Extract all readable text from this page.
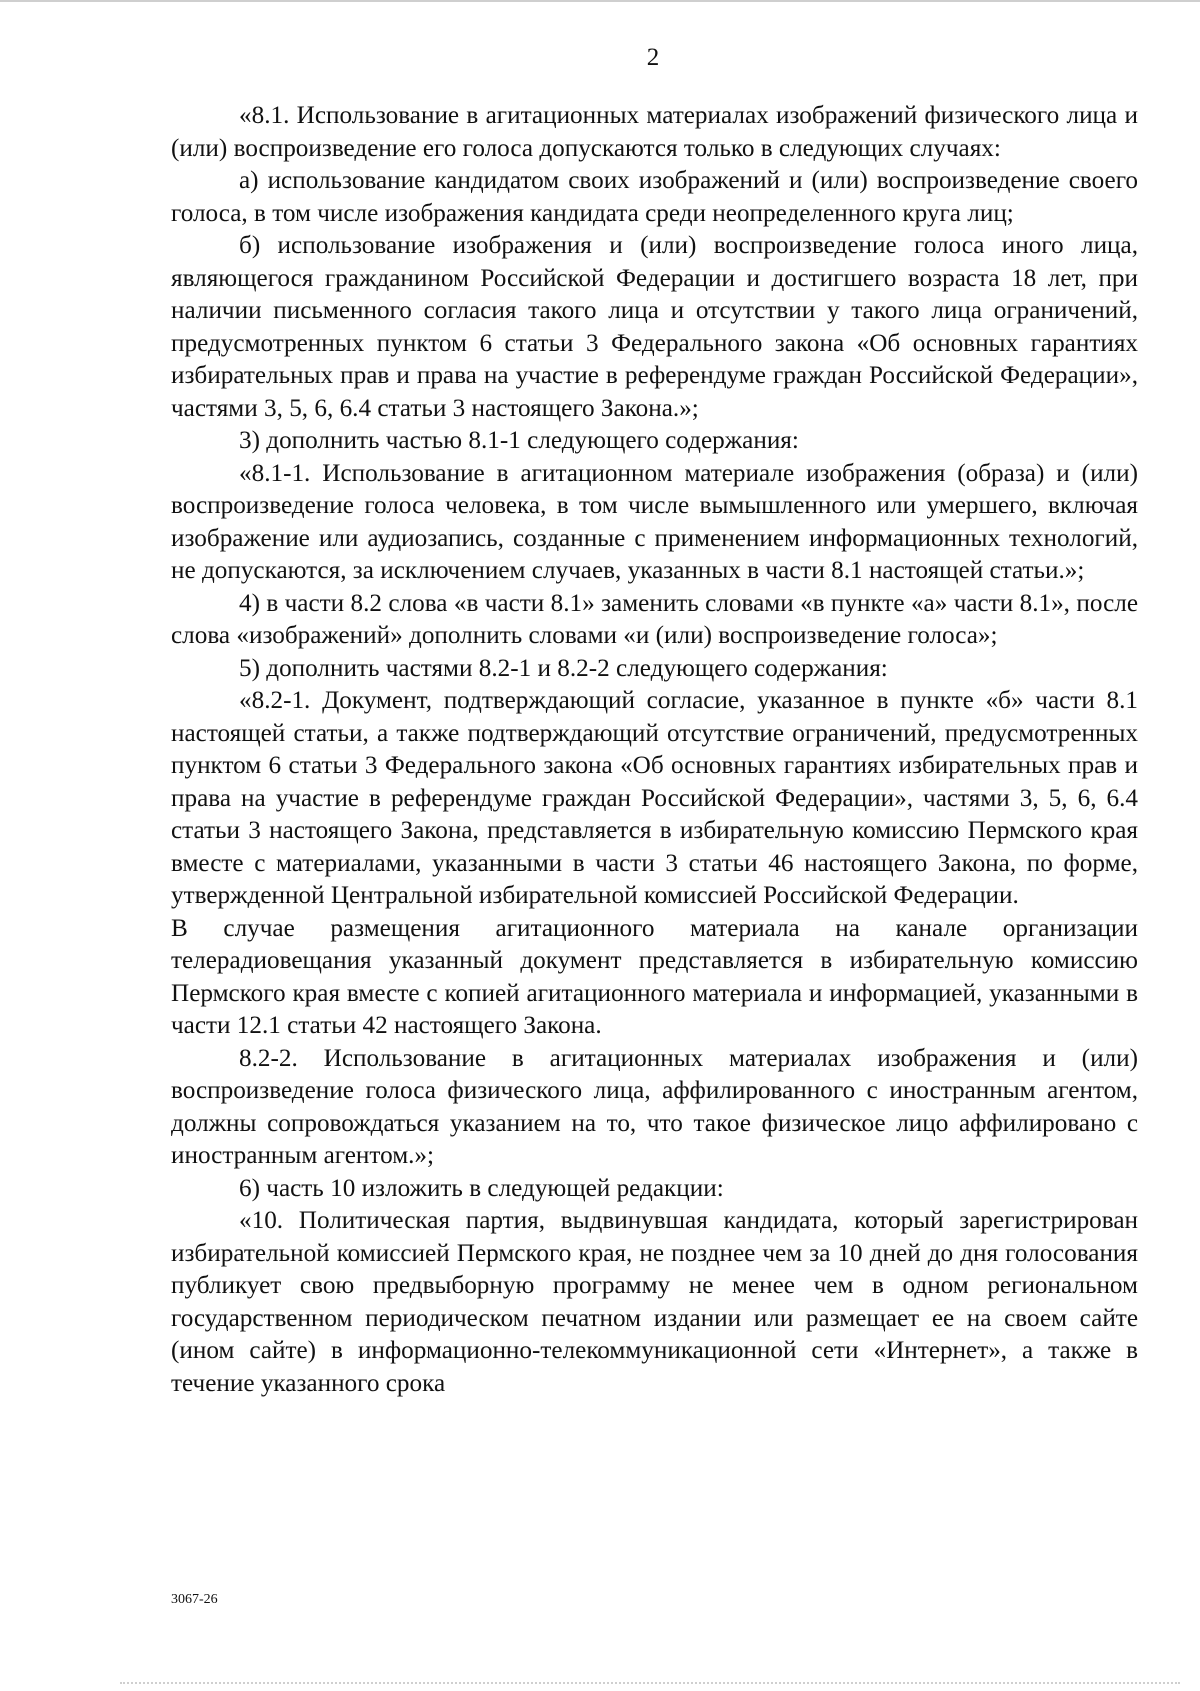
2

«8.1. Использование в агитационных материалах изображений физического лица и (или) воспроизведение его голоса допускаются только в следующих случаях:

а) использование кандидатом своих изображений и (или) воспроизведение своего голоса, в том числе изображения кандидата среди неопределенного круга лиц;

б) использование изображения и (или) воспроизведение голоса иного лица, являющегося гражданином Российской Федерации и достигшего возраста 18 лет, при наличии письменного согласия такого лица и отсутствии у такого лица ограничений, предусмотренных пунктом 6 статьи 3 Федерального закона «Об основных гарантиях избирательных прав и права на участие в референдуме граждан Российской Федерации», частями 3, 5, 6, 6.4 статьи 3 настоящего Закона.»;

3) дополнить частью 8.1-1 следующего содержания:

«8.1-1. Использование в агитационном материале изображения (образа) и (или) воспроизведение голоса человека, в том числе вымышленного или умершего, включая изображение или аудиозапись, созданные с применением информационных технологий, не допускаются, за исключением случаев, указанных в части 8.1 настоящей статьи.»;

4) в части 8.2 слова «в части 8.1» заменить словами «в пункте «а» части 8.1», после слова «изображений» дополнить словами «и (или) воспроизведение голоса»;

5) дополнить частями 8.2-1 и 8.2-2 следующего содержания:

«8.2-1. Документ, подтверждающий согласие, указанное в пункте «б» части 8.1 настоящей статьи, а также подтверждающий отсутствие ограничений, предусмотренных пунктом 6 статьи 3 Федерального закона «Об основных гарантиях избирательных прав и права на участие в референдуме граждан Российской Федерации», частями 3, 5, 6, 6.4 статьи 3 настоящего Закона, представляется в избирательную комиссию Пермского края вместе с материалами, указанными в части 3 статьи 46 настоящего Закона, по форме, утвержденной Центральной избирательной комиссией Российской Федерации.

В случае размещения агитационного материала на канале организации телерадиовещания указанный документ представляется в избирательную комиссию Пермского края вместе с копией агитационного материала и информацией, указанными в части 12.1 статьи 42 настоящего Закона.

8.2-2. Использование в агитационных материалах изображения и (или) воспроизведение голоса физического лица, аффилированного с иностранным агентом, должны сопровождаться указанием на то, что такое физическое лицо аффилировано с иностранным агентом.»;

6) часть 10 изложить в следующей редакции:

«10. Политическая партия, выдвинувшая кандидата, который зарегистрирован избирательной комиссией Пермского края, не позднее чем за 10 дней до дня голосования публикует свою предвыборную программу не менее чем в одном региональном государственном периодическом печатном издании или размещает ее на своем сайте (ином сайте) в информационно-телекоммуникационной сети «Интернет», а также в течение указанного срока

3067-26
